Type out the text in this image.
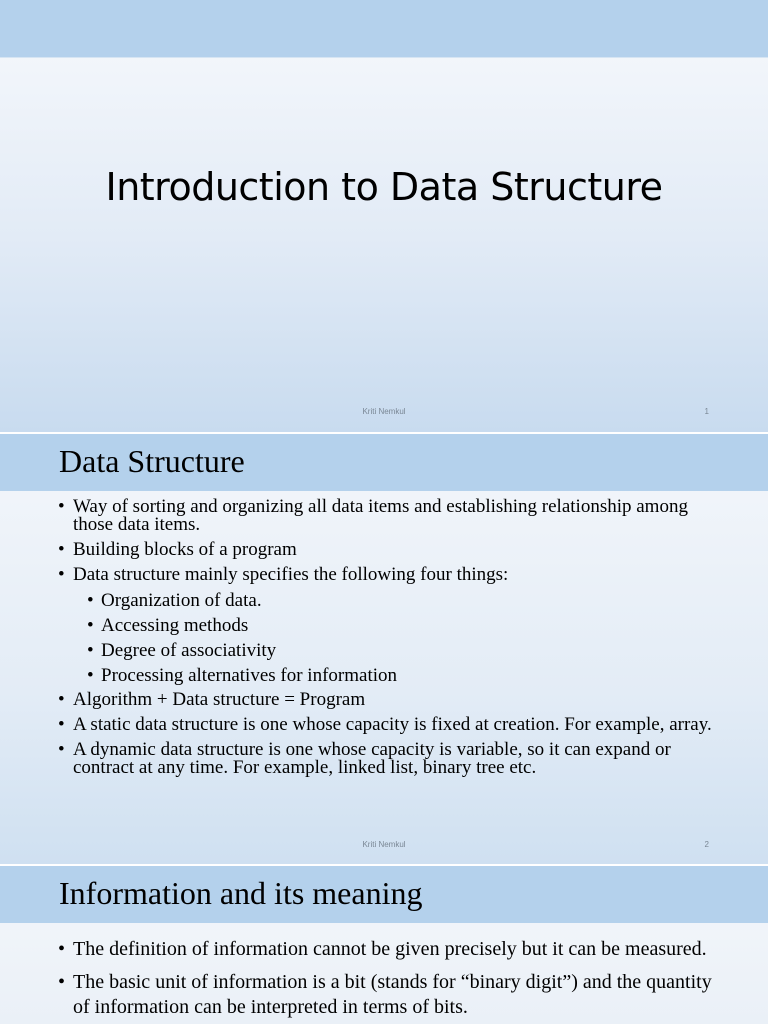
Introduction to Data Structure
Kriti Nemkul	1
Data Structure
• Way of sorting and organizing all data items and establishing relationship among those data items.
• Building blocks of a program
• Data structure mainly specifies the following four things:
• Organization of data.
• Accessing methods
• Degree of associativity
• Processing alternatives for information
• Algorithm + Data structure = Program
• A static data structure is one whose capacity is fixed at creation. For example, array.
• A dynamic data structure is one whose capacity is variable, so it can expand or contract at any time. For example, linked list, binary tree etc.
Kriti Nemkul	2
Information and its meaning
• The definition of information cannot be given precisely but it can be measured.
• The basic unit of information is a bit (stands for “binary digit”) and the quantity of information can be interpreted in terms of bits.
